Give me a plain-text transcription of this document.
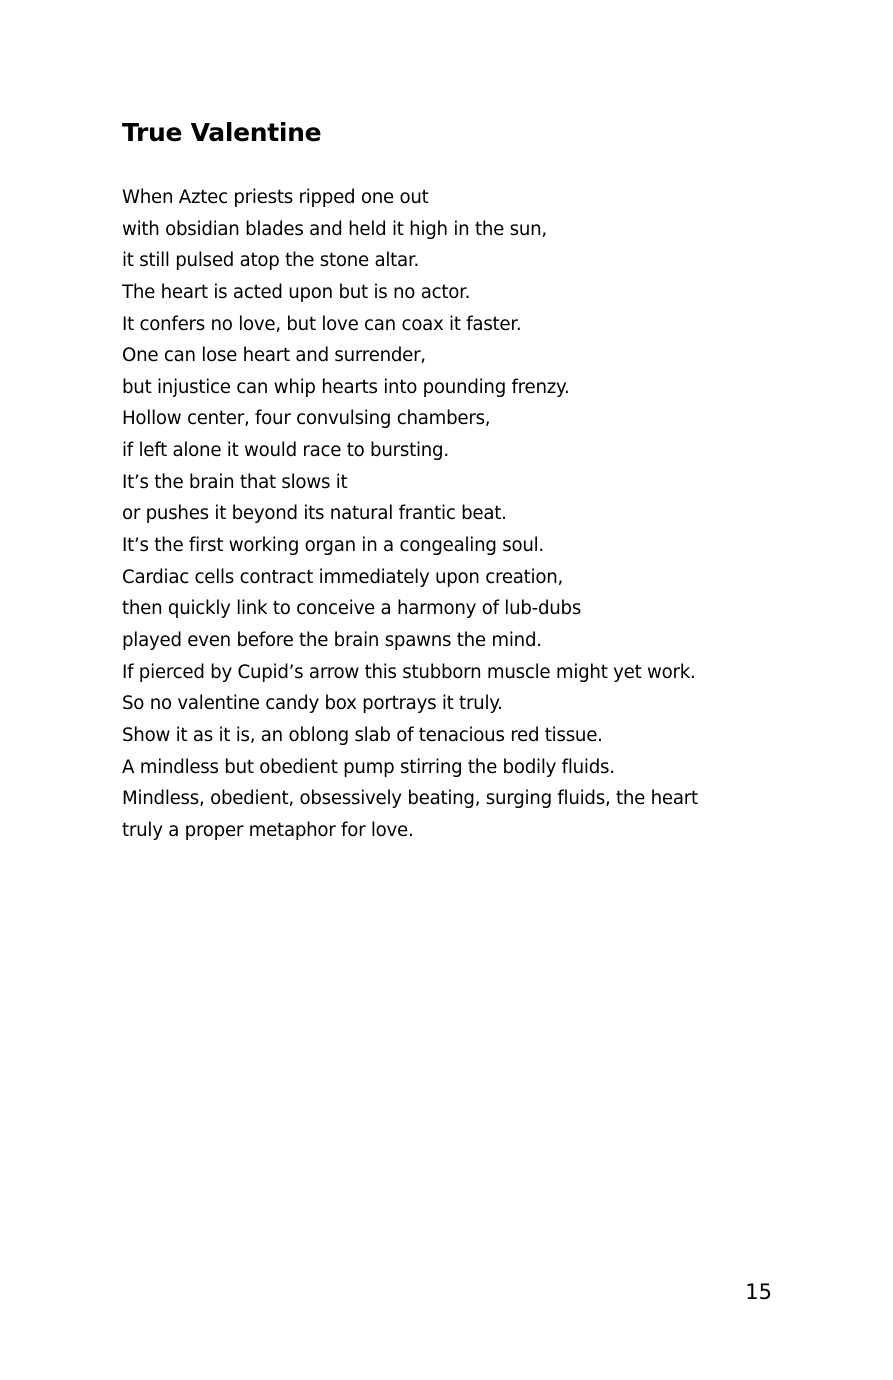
True Valentine
When Aztec priests ripped one out
with obsidian blades and held it high in the sun,
it still pulsed atop the stone altar.
The heart is acted upon but is no actor.
It confers no love, but love can coax it faster.
One can lose heart and surrender,
but injustice can whip hearts into pounding frenzy.
Hollow center, four convulsing chambers,
if left alone it would race to bursting.
It’s the brain that slows it
or pushes it beyond its natural frantic beat.
It’s the first working organ in a congealing soul.
Cardiac cells contract immediately upon creation,
then quickly link to conceive a harmony of lub-dubs
played even before the brain spawns the mind.
If pierced by Cupid’s arrow this stubborn muscle might yet work.
So no valentine candy box portrays it truly.
Show it as it is, an oblong slab of tenacious red tissue.
A mindless but obedient pump stirring the bodily fluids.
Mindless, obedient, obsessively beating, surging fluids, the heart
truly a proper metaphor for love.
15
